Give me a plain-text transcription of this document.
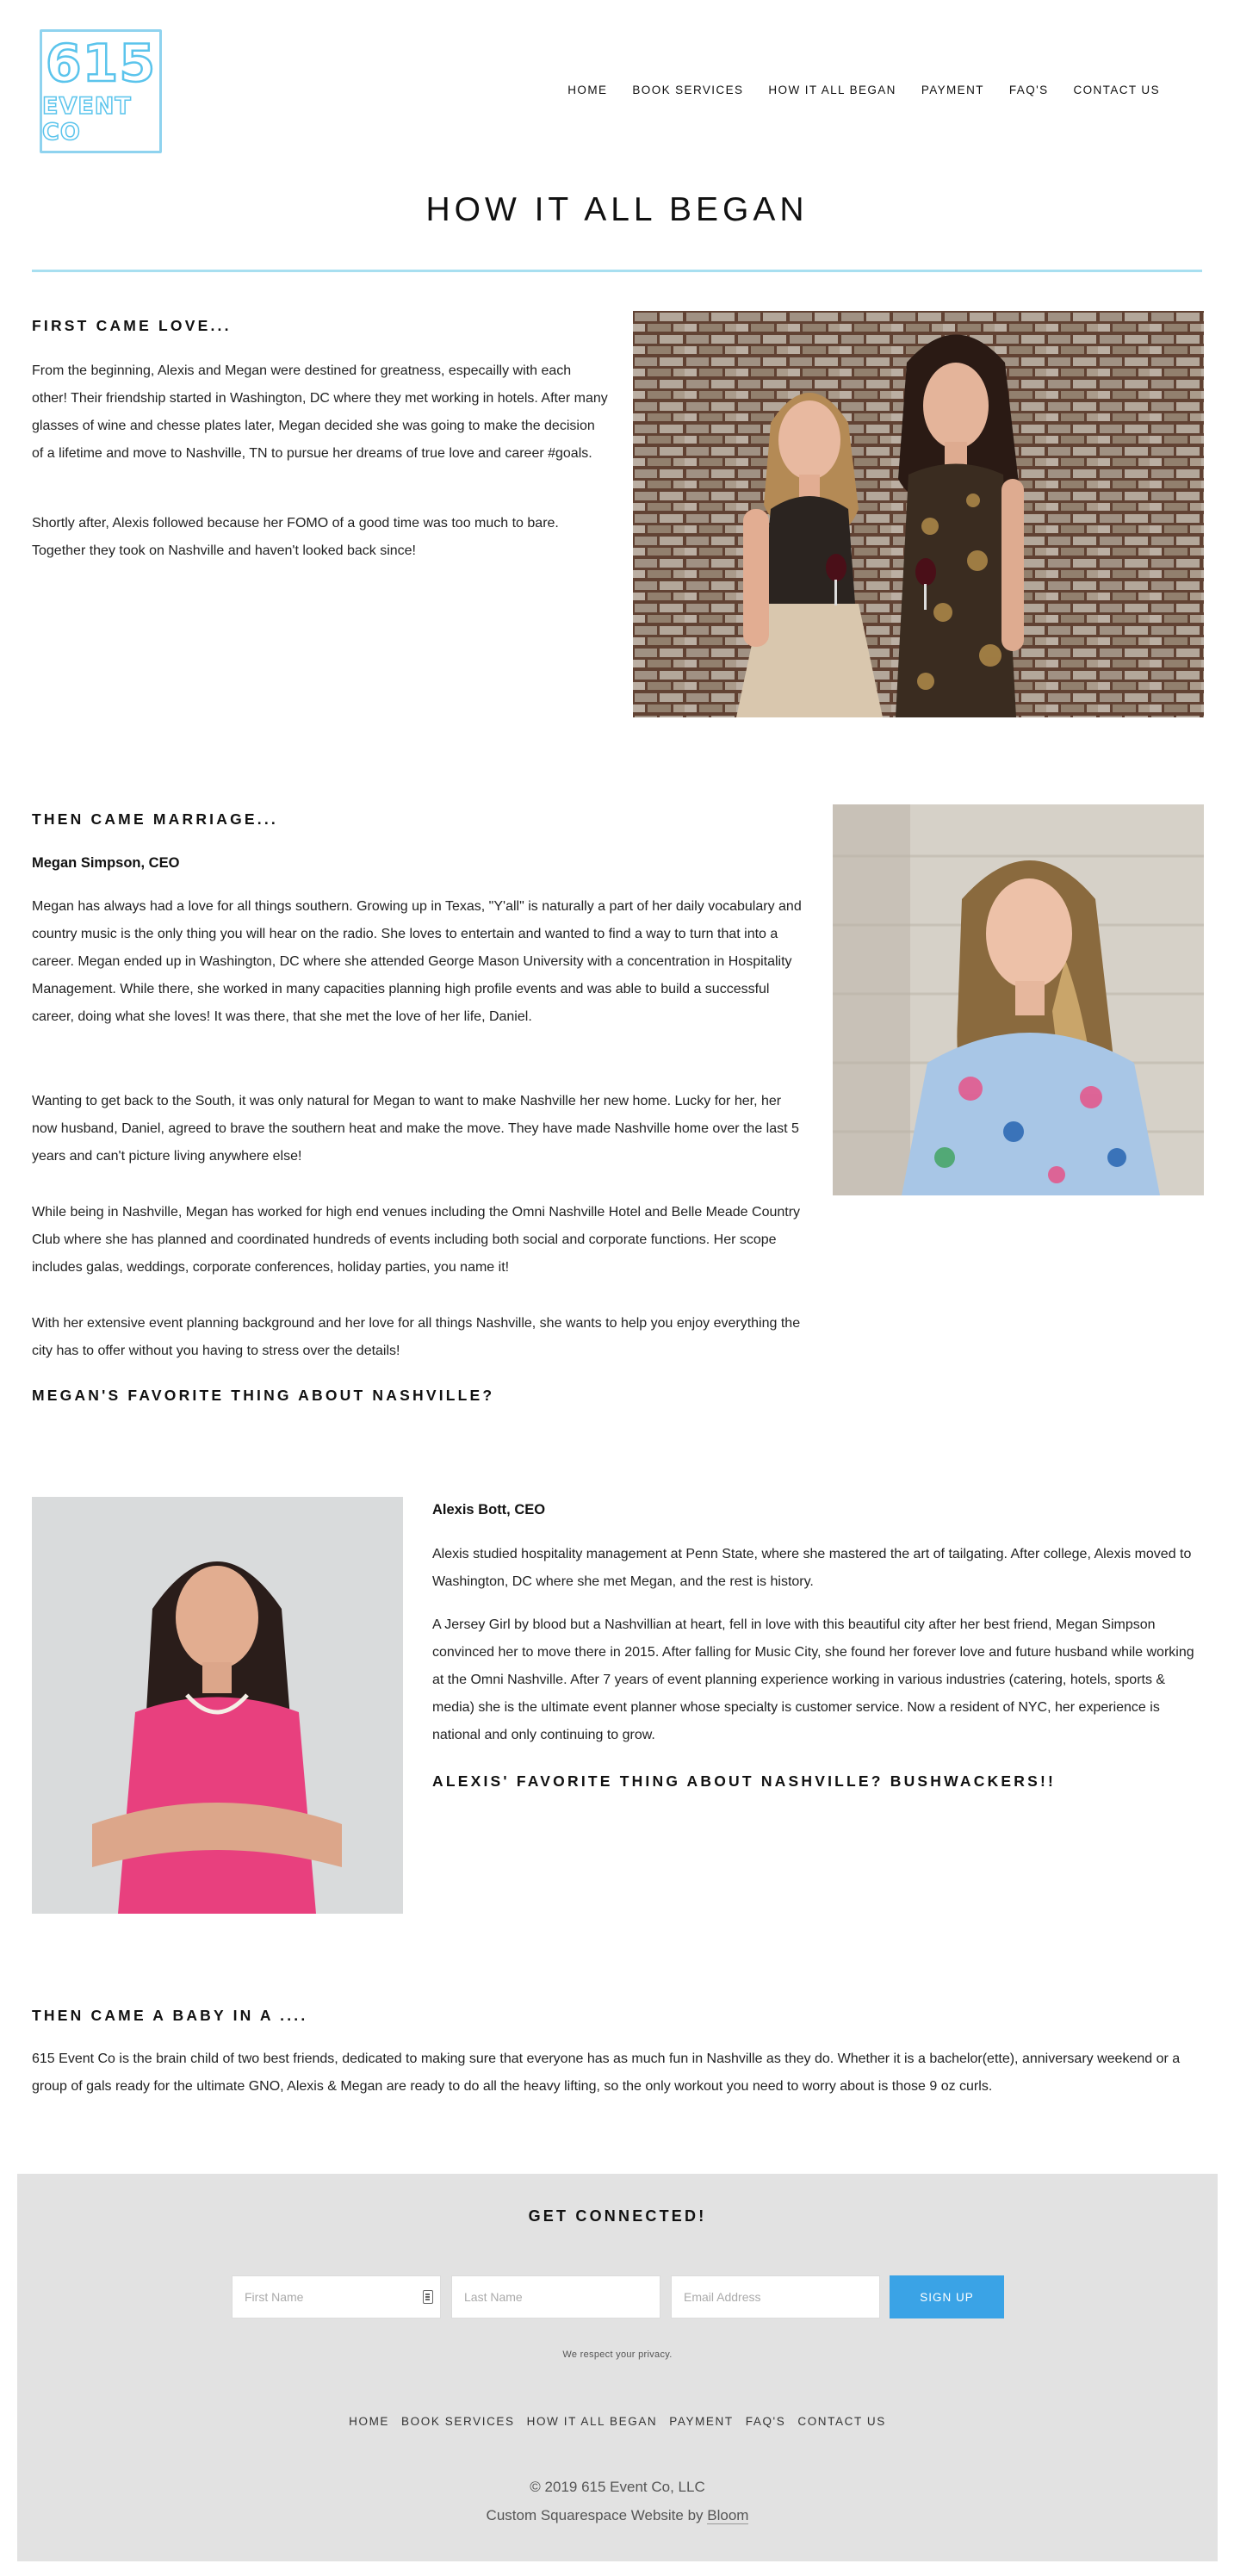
615
EVENT CO
HOME BOOK SERVICES HOW IT ALL BEGAN PAYMENT FAQ'S CONTACT US
HOW IT ALL BEGAN
FIRST CAME LOVE...

From the beginning, Alexis and Megan were destined for greatness, especailly with each other! Their friendship started in Washington, DC where they met working in hotels. After many glasses of wine and chesse plates later, Megan decided she was going to make the decision of a lifetime and move to Nashville, TN to pursue her dreams of true love and career #goals.

Shortly after, Alexis followed because her FOMO of a good time was too much to bare. Together they took on Nashville and haven't looked back since!

THEN CAME MARRIAGE...

Megan Simpson, CEO

Megan has always had a love for all things southern. Growing up in Texas, "Y'all" is naturally a part of her daily vocabulary and country music is the only thing you will hear on the radio. She loves to entertain and wanted to find a way to turn that into a career. Megan ended up in Washington, DC where she attended George Mason University with a concentration in Hospitality Management. While there, she worked in many capacities planning high profile events and was able to build a successful career, doing what she loves! It was there, that she met the love of her life, Daniel.

Wanting to get back to the South, it was only natural for Megan to want to make Nashville her new home. Lucky for her, her now husband, Daniel, agreed to brave the southern heat and make the move. They have made Nashville home over the last 5 years and can't picture living anywhere else!

While being in Nashville, Megan has worked for high end venues including the Omni Nashville Hotel and Belle Meade Country Club where she has planned and coordinated hundreds of events including both social and corporate functions. Her scope includes galas, weddings, corporate conferences, holiday parties, you name it!

With her extensive event planning background and her love for all things Nashville, she wants to help you enjoy everything the city has to offer without you having to stress over the details!

MEGAN'S FAVORITE THING ABOUT NASHVILLE?

Alexis Bott, CEO

Alexis studied hospitality management at Penn State, where she mastered the art of tailgating. After college, Alexis moved to Washington, DC where she met Megan, and the rest is history.

A Jersey Girl by blood but a Nashvillian at heart, fell in love with this beautiful city after her best friend, Megan Simpson convinced her to move there in 2015. After falling for Music City, she found her forever love and future husband while working at the Omni Nashville. After 7 years of event planning experience working in various industries (catering, hotels, sports & media) she is the ultimate event planner whose specialty is customer service. Now a resident of NYC, her experience is national and only continuing to grow.

ALEXIS' FAVORITE THING ABOUT NASHVILLE? BUSHWACKERS!!
THEN CAME A BABY IN A ....

615 Event Co is the brain child of two best friends, dedicated to making sure that everyone has as much fun in Nashville as they do. Whether it is a bachelor(ette), anniversary weekend or a group of gals ready for the ultimate GNO, Alexis & Megan are ready to do all the heavy lifting, so the only workout you need to worry about is those 9 oz curls.

GET CONNECTED!
First Name	Last Name	Email Address	SIGN UP

We respect your privacy.

HOME BOOK SERVICES HOW IT ALL BEGAN PAYMENT FAQ'S CONTACT US
© 2019 615 Event Co, LLC
Custom Squarespace Website by Bloom
